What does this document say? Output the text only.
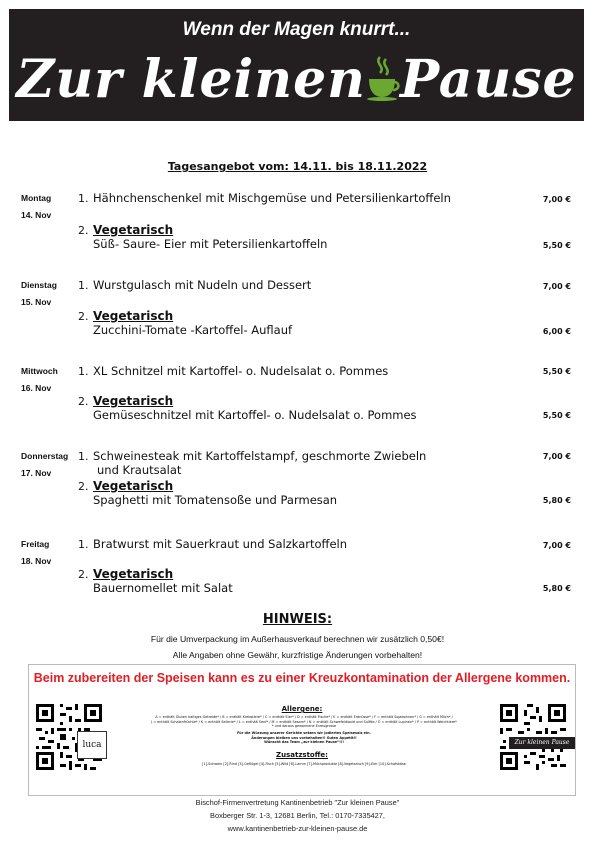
Wenn der Magen knurrt...
Zur kleinen Pause
Tagesangebot vom: 14.11. bis 18.11.2022
Montag
14. Nov
1. Hähnchenschenkel mit Mischgemüse und Petersilienkartoffeln	7,00 €
2. Vegetarisch
Süß- Saure- Eier mit Petersilienkartoffeln	5,50 €
Dienstag
15. Nov
1. Wurstgulasch mit Nudeln und Dessert	7,00 €
2. Vegetarisch
Zucchini-Tomate -Kartoffel- Auflauf	6,00 €
Mittwoch
16. Nov
1. XL Schnitzel mit Kartoffel- o. Nudelsalat o. Pommes	5,50 €
2. Vegetarisch
Gemüseschnitzel mit Kartoffel- o. Nudelsalat o. Pommes	5,50 €
Donnerstag
17. Nov
1. Schweinesteak mit Kartoffelstampf, geschmorte Zwiebeln
und Krautsalat
7,00 €
2. Vegetarisch
Spaghetti mit Tomatensoße und Parmesan	5,80 €
Freitag
18. Nov
1. Bratwurst mit Sauerkraut und Salzkartoffeln	7,00 €
2. Vegetarisch
Bauernomellet mit Salat	5,80 €
HINWEIS:
Für die Umverpackung im Außerhausverkauf berechnen wir zusätzlich 0,50€!
Alle Angaben ohne Gewähr, kurzfristige Änderungen vorbehalten!
Beim zubereiten der Speisen kann es zu einer Kreuzkontamination der Allergene kommen.
luca	Zur kleinen Pause
Allergene:
A = enthält Gluten haltiges Getreide* / B = enthält Krebstiere* / C = enthält Eier* / D = enthält Fische* / E = enthält Erdnüsse* / F = enthält Sojabohnen* / G = enthält Milch* /
J = enthält Schalenfrüchte* / K = enthält Sellerie* / L = enthält Senf* / M = enthält Sesam* / N = enthält Schwefeldioxid und Sulfite / O = enthält Lupinen* / P = enthält Weichtiere*
* und daraus gewonnene Erzeugnisse
Für die Würzung unserer Gerichte setzen wir jodiertes Speisesalz ein.
Änderungen bleiben uns vorbehalten!! Guten Appetit!!
Wünscht das Team „zur kleinen Pause“!!!
Zusatzstoffe:
[1]-Schwein [2]-Rind [3]-Geflügel [4]-Fisch [5]-Wild [6]-Lamm [7]-Milchprodukte [8]-Vegetarisch [9]-Eier [10]-Schafskäse
Bischof-Firmenvertretung Kantinenbetrieb "Zur kleinen Pause"
Boxberger Str. 1-3, 12681 Berlin, Tel.: 0170-7335427,
www.kantinenbetrieb-zur-kleinen-pause.de
